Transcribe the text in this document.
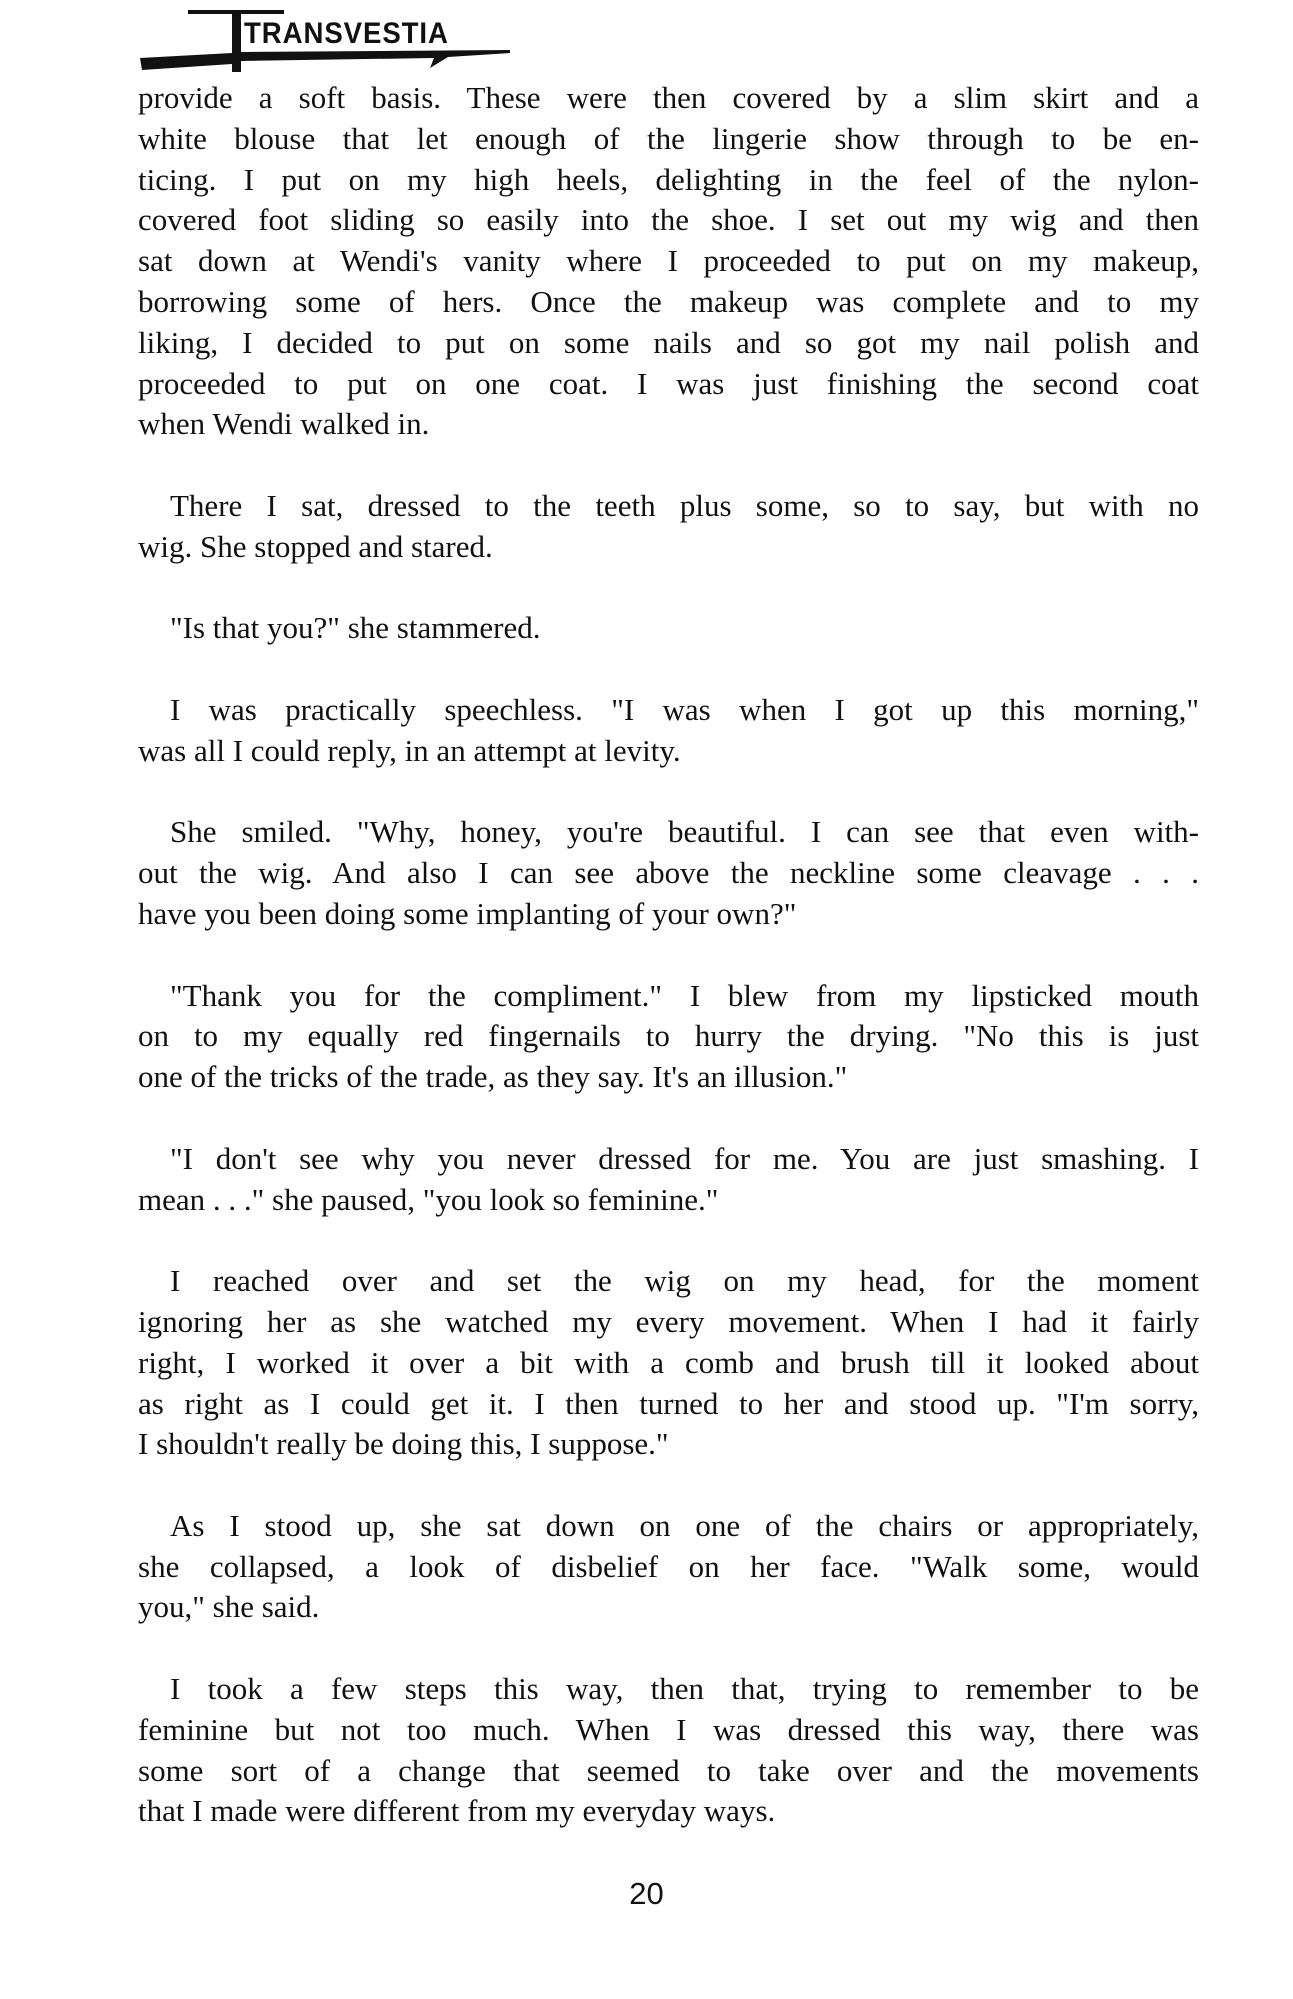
TRANSVESTIA
provide a soft basis. These were then covered by a slim skirt and a
white blouse that let enough of the lingerie show through to be en-
ticing. I put on my high heels, delighting in the feel of the nylon-
covered foot sliding so easily into the shoe. I set out my wig and then
sat down at Wendi's vanity where I proceeded to put on my makeup,
borrowing some of hers. Once the makeup was complete and to my
liking, I decided to put on some nails and so got my nail polish and
proceeded to put on one coat. I was just finishing the second coat
when Wendi walked in.
There I sat, dressed to the teeth plus some, so to say, but with no
wig. She stopped and stared.
"Is that you?" she stammered.
I was practically speechless. "I was when I got up this morning,"
was all I could reply, in an attempt at levity.
She smiled. "Why, honey, you're beautiful. I can see that even with-
out the wig. And also I can see above the neckline some cleavage . . .
have you been doing some implanting of your own?"
"Thank you for the compliment." I blew from my lipsticked mouth
on to my equally red fingernails to hurry the drying. "No this is just
one of the tricks of the trade, as they say. It's an illusion."
"I don't see why you never dressed for me. You are just smashing. I
mean . . ." she paused, "you look so feminine."
I reached over and set the wig on my head, for the moment
ignoring her as she watched my every movement. When I had it fairly
right, I worked it over a bit with a comb and brush till it looked about
as right as I could get it. I then turned to her and stood up. "I'm sorry,
I shouldn't really be doing this, I suppose."
As I stood up, she sat down on one of the chairs or appropriately,
she collapsed, a look of disbelief on her face. "Walk some, would
you," she said.
I took a few steps this way, then that, trying to remember to be
feminine but not too much. When I was dressed this way, there was
some sort of a change that seemed to take over and the movements
that I made were different from my everyday ways.
20
